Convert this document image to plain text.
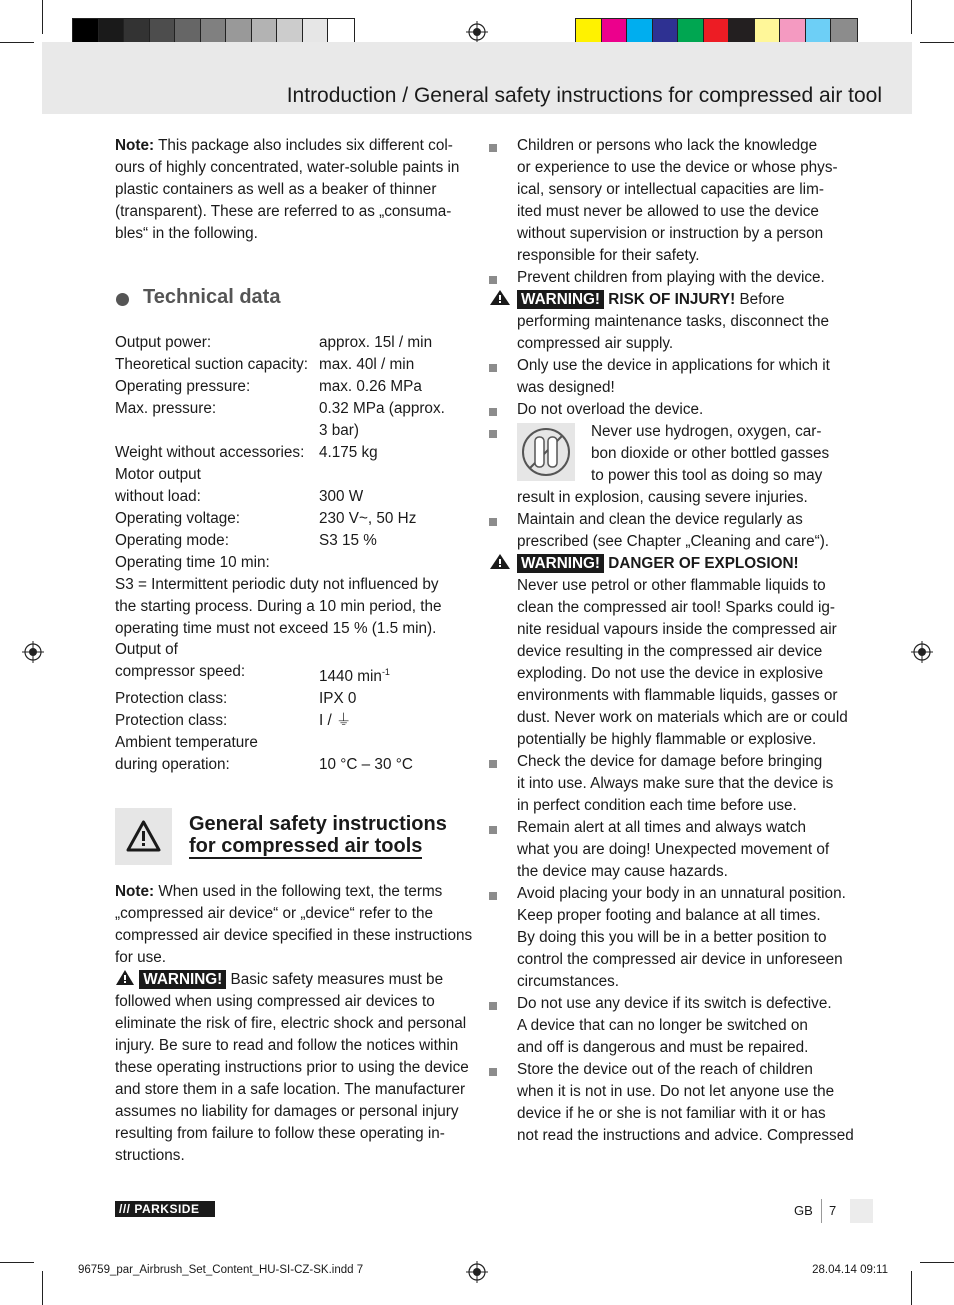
Introduction / General safety instructions for compressed air tool
Note: This package also includes six different col-
ours of highly concentrated, water-soluble paints in
plastic containers as well as a beaker of thinner
(transparent). These are referred to as „consuma-
bles“ in the following.
Technical data
Output power:	approx. 15l / min
Theoretical suction capacity: max. 40l / min
Operating pressure:	max. 0.26 MPa
Max. pressure:	0.32 MPa (approx.
3 bar)
Weight without accessories: 4.175 kg
Motor output
without load:	300 W
Operating voltage:	230 V~, 50 Hz
Operating mode:	S3 15 %
Operating time 10 min:
S3 = Intermittent periodic duty not influenced by
the starting process. During a 10 min period, the
operating time must not exceed 15 % (1.5 min).
Output of
compressor speed:	1440 $\min^{-1}$
Protection class:	IPX 0
Protection class:	I / ⏚
Ambient temperature
during operation:	10 °C – 30 °C
General safety instructions
for compressed air tools
Note: When used in the following text, the terms
„compressed air device“ or „device“ refer to the
compressed air device specified in these instructions
for use.
WARNING! Basic safety measures must be
followed when using compressed air devices to
eliminate the risk of fire, electric shock and personal
injury. Be sure to read and follow the notices within
these operating instructions prior to using the device
and store them in a safe location. The manufacturer
assumes no liability for damages or personal injury
resulting from failure to follow these operating in-
structions.
Children or persons who lack the knowledge
or experience to use the device or whose phys-
ical, sensory or intellectual capacities are lim-
ited must never be allowed to use the device
without supervision or instruction by a person
responsible for their safety.
Prevent children from playing with the device.
WARNING! RISK OF INJURY! Before
performing maintenance tasks, disconnect the
compressed air supply.
Only use the device in applications for which it
was designed!
Do not overload the device.
Never use hydrogen, oxygen, car-
bon dioxide or other bottled gasses
to power this tool as doing so may
result in explosion, causing severe injuries.
Maintain and clean the device regularly as
prescribed (see Chapter „Cleaning and care“).
WARNING! DANGER OF EXPLOSION!
Never use petrol or other flammable liquids to
clean the compressed air tool! Sparks could ig-
nite residual vapours inside the compressed air
device resulting in the compressed air device
exploding. Do not use the device in explosive
environments with flammable liquids, gasses or
dust. Never work on materials which are or could
potentially be highly flammable or explosive.
Check the device for damage before bringing
it into use. Always make sure that the device is
in perfect condition each time before use.
Remain alert at all times and always watch
what you are doing! Unexpected movement of
the device may cause hazards.
Avoid placing your body in an unnatural position.
Keep proper footing and balance at all times.
By doing this you will be in a better position to
control the compressed air device in unforeseen
circumstances.
Do not use any device if its switch is defective.
A device that can no longer be switched on
and off is dangerous and must be repaired.
Store the device out of the reach of children
when it is not in use. Do not let anyone use the
device if he or she is not familiar with it or has
not read the instructions and advice. Compressed
/// PARKSIDE	GB 7
96759_par_Airbrush_Set_Content_HU-SI-CZ-SK.indd 7	28.04.14 09:11
